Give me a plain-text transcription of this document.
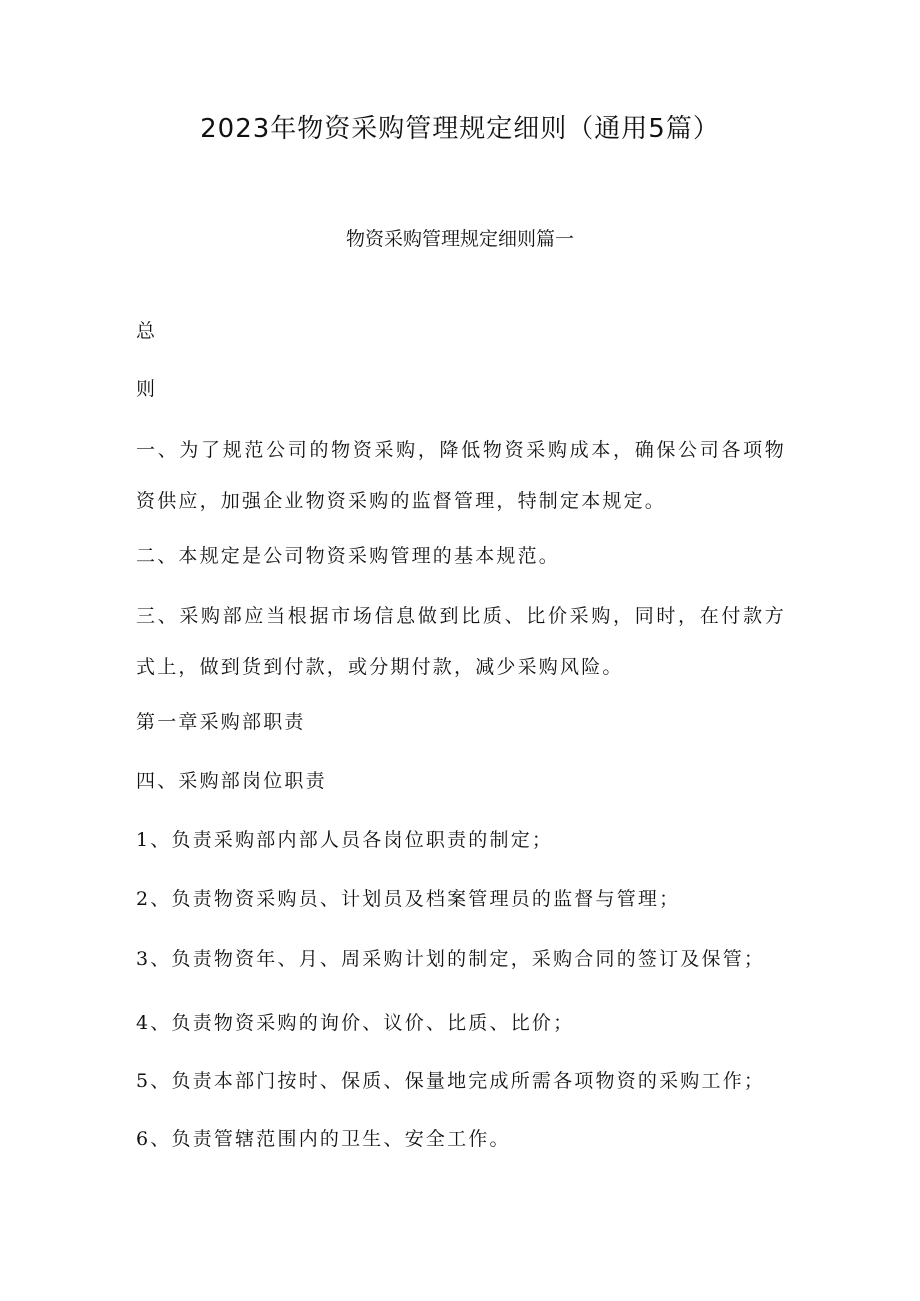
2023年物资采购管理规定细则（通用5篇）
物资采购管理规定细则篇一

总

则

一、为了规范公司的物资采购，降低物资采购成本，确保公司各项物资供应，加强企业物资采购的监督管理，特制定本规定。

二、本规定是公司物资采购管理的基本规范。

三、采购部应当根据市场信息做到比质、比价采购，同时，在付款方式上，做到货到付款，或分期付款，减少采购风险。

第一章采购部职责

四、采购部岗位职责

1、负责采购部内部人员各岗位职责的制定；

2、负责物资采购员、计划员及档案管理员的监督与管理；

3、负责物资年、月、周采购计划的制定，采购合同的签订及保管；

4、负责物资采购的询价、议价、比质、比价；

5、负责本部门按时、保质、保量地完成所需各项物资的采购工作；

6、负责管辖范围内的卫生、安全工作。
